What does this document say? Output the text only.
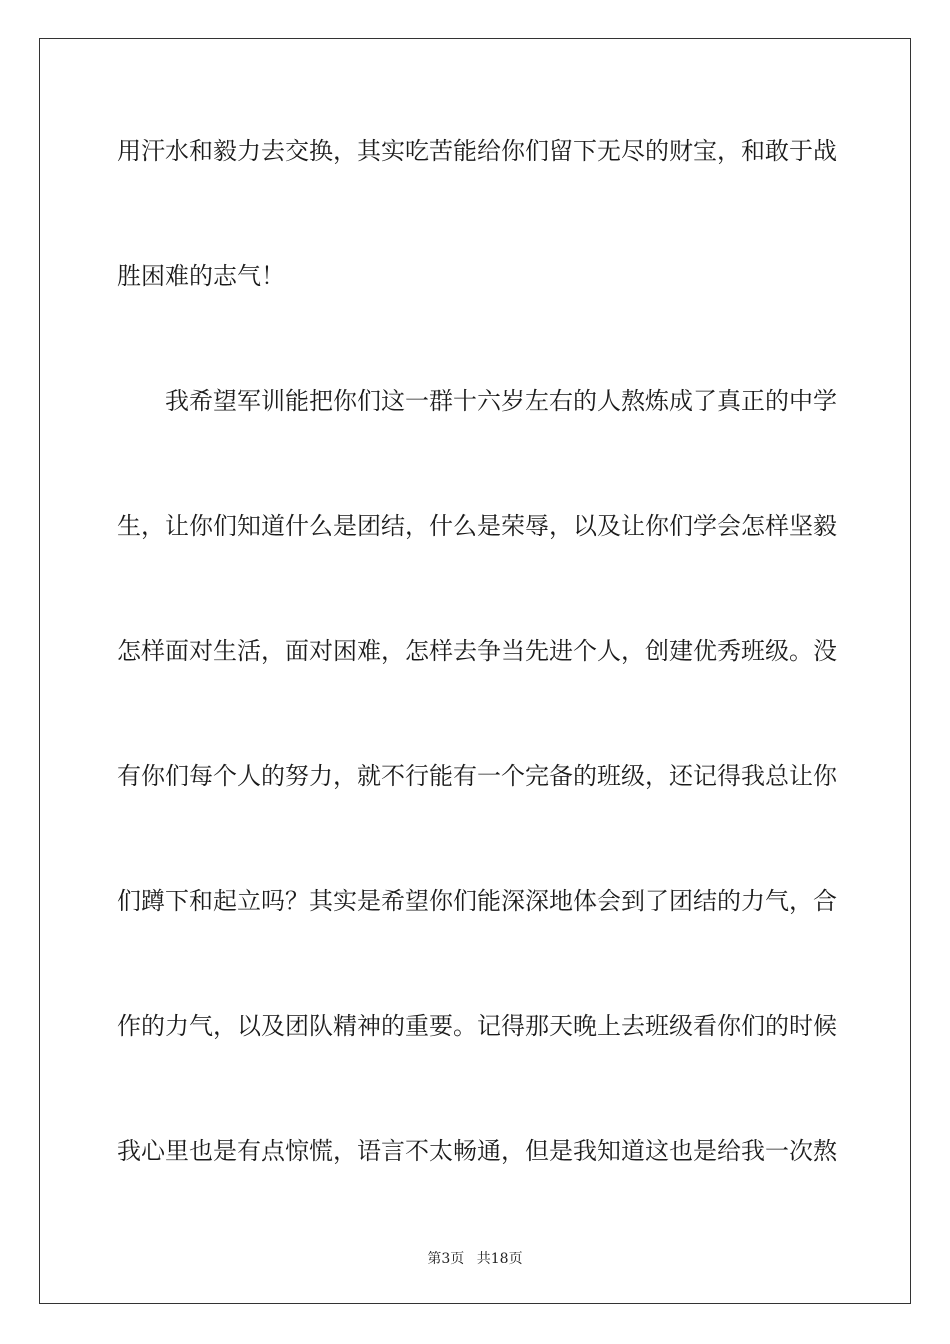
用汗水和毅力去交换，其实吃苦能给你们留下无尽的财宝，和敢于战
胜困难的志气！
我希望军训能把你们这一群十六岁左右的人熬炼成了真正的中学
生，让你们知道什么是团结，什么是荣辱，以及让你们学会怎样坚毅
怎样面对生活，面对困难，怎样去争当先进个人，创建优秀班级。没
有你们每个人的努力，就不行能有一个完备的班级，还记得我总让你
们蹲下和起立吗？其实是希望你们能深深地体会到了团结的力气，合
作的力气，以及团队精神的重要。记得那天晚上去班级看你们的时候
我心里也是有点惊慌，语言不太畅通，但是我知道这也是给我一次熬
第3页 共18页
